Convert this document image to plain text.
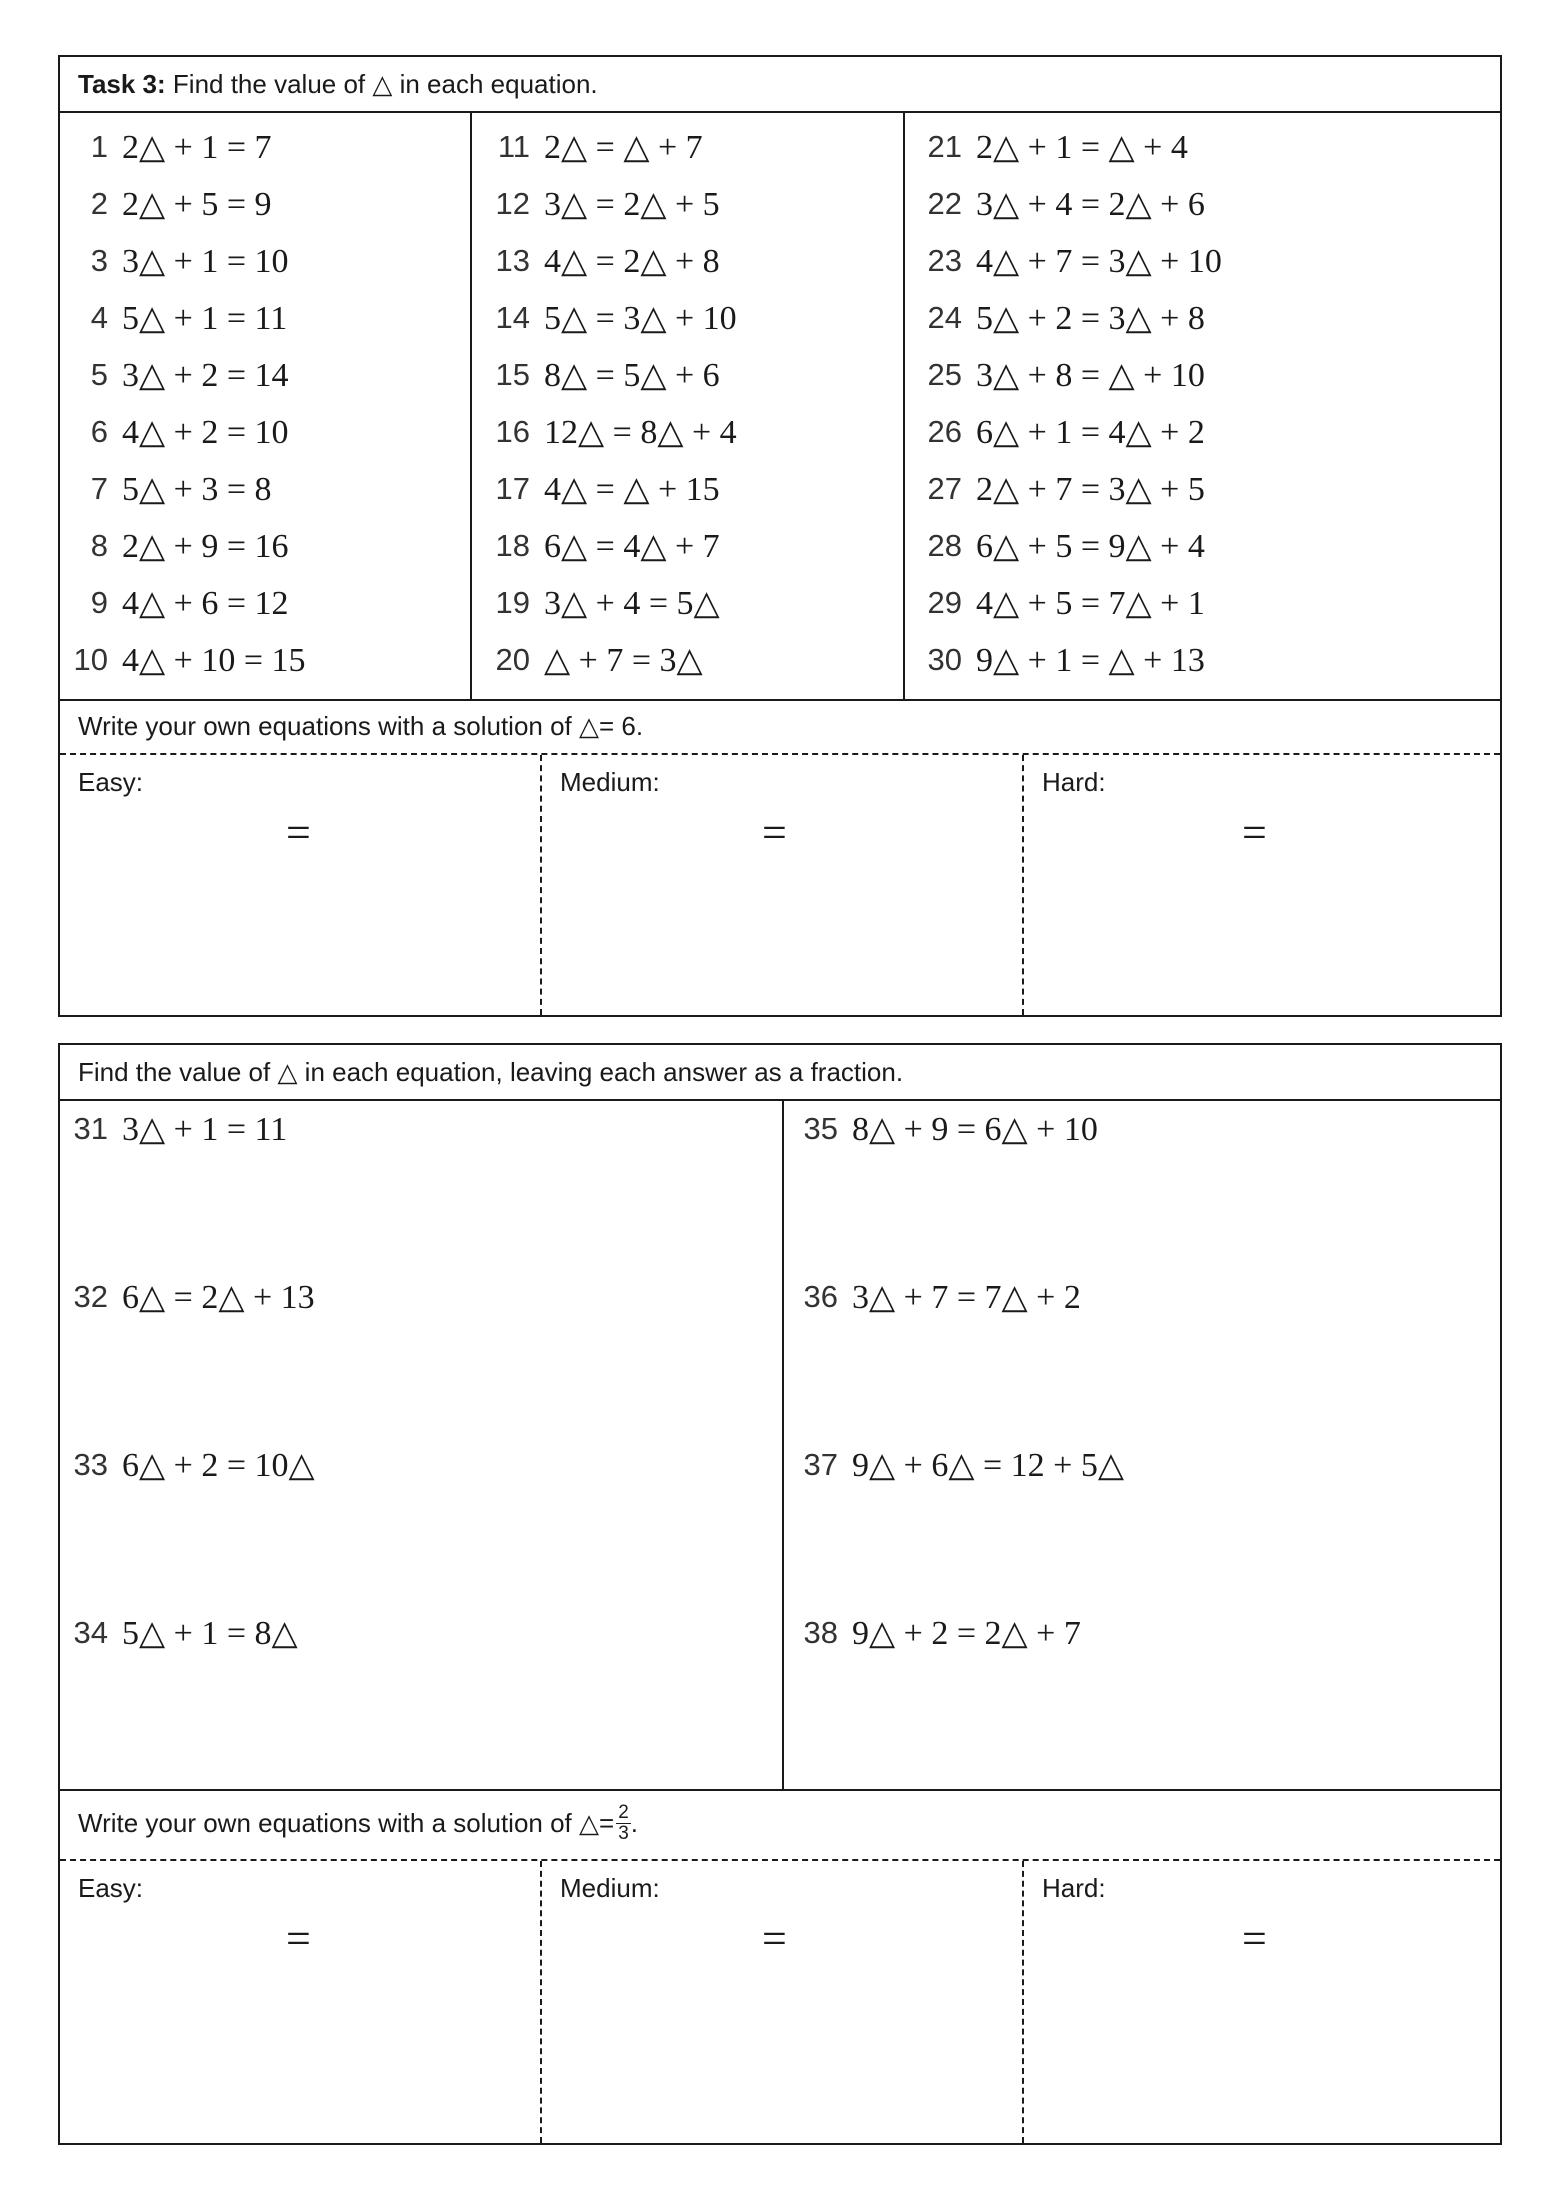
Task 3: Find the value of △ in each equation.
1 2△ + 1 = 7
2 2△ + 5 = 9
3 3△ + 1 = 10
4 5△ + 1 = 11
5 3△ + 2 = 14
6 4△ + 2 = 10
7 5△ + 3 = 8
8 2△ + 9 = 16
9 4△ + 6 = 12
10 4△ + 10 = 15
11 2△ = △ + 7
12 3△ = 2△ + 5
13 4△ = 2△ + 8
14 5△ = 3△ + 10
15 8△ = 5△ + 6
16 12△ = 8△ + 4
17 4△ = △ + 15
18 6△ = 4△ + 7
19 3△ + 4 = 5△
20 △ + 7 = 3△
21 2△ + 1 = △ + 4
22 3△ + 4 = 2△ + 6
23 4△ + 7 = 3△ + 10
24 5△ + 2 = 3△ + 8
25 3△ + 8 = △ + 10
26 6△ + 1 = 4△ + 2
27 2△ + 7 = 3△ + 5
28 6△ + 5 = 9△ + 4
29 4△ + 5 = 7△ + 1
30 9△ + 1 = △ + 13
Write your own equations with a solution of △= 6.
Easy:	Medium:	Hard:
=	=	=
Find the value of △ in each equation, leaving each answer as a fraction.
31 3△ + 1 = 11
32 6△ = 2△ + 13
33 6△ + 2 = 10△
34 5△ + 1 = 8△
35 8△ + 9 = 6△ + 10
36 3△ + 7 = 7△ + 2
37 9△ + 6△ = 12 + 5△
38 9△ + 2 = 2△ + 7
Write your own equations with a solution of △= $\frac{2}{3}$ .
Easy:	Medium:	Hard:
=	=	=
